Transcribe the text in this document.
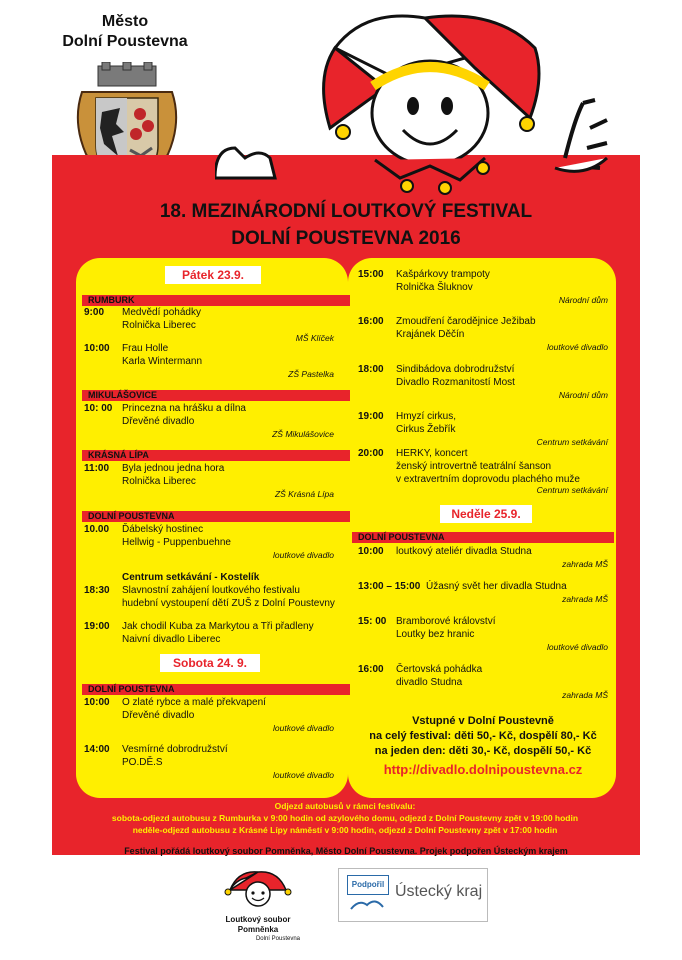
Město
Dolní Poustevna
18. MEZINÁRODNÍ LOUTKOVÝ FESTIVAL
DOLNÍ POUSTEVNA 2016
Pátek 23.9.
RUMBURK
9:00 Medvědí pohádky
Rolnička Liberec
MŠ Klíček
10:00 Frau Holle
Karla Wintermann
ZŠ Pastelka
MIKULÁŠOVICE
10: 00 Princezna na hrášku a dílna
Dřevěné divadlo
ZŠ Mikulášovice
KRÁSNÁ LÍPA
11:00 Byla jednou jedna hora
Rolnička Liberec
ZŠ Krásná Lípa
DOLNÍ POUSTEVNA
10.00 Ďábelský hostinec
Hellwig - Puppenbuehne
loutkové divadlo
Centrum setkávání - Kostelík
18:30 Slavnostní zahájení loutkového festivalu
hudební vystoupení dětí ZUŠ z Dolní Poustevny
19:00 Jak chodil Kuba za Markytou a Tři přadleny
Naivní divadlo Liberec
Sobota 24. 9.
DOLNÍ POUSTEVNA
10:00 O zlaté rybce a malé překvapení
Dřevěné divadlo
loutkové divadlo
14:00 Vesmírné dobrodružství
PO.DĚ.S
loutkové divadlo
15:00 Kašpárkovy trampoty
Rolnička Šluknov
Národní dům
16:00 Zmoudření čarodějnice Ježibab
Krajánek Děčín
loutkové divadlo
18:00 Sindibádova dobrodružství
Divadlo Rozmanitostí Most
Národní dům
19:00 Hmyzí cirkus,
Cirkus Žebřík
Centrum setkávání
20:00 HERKY, koncert
ženský introvertně teatrální šanson
v extravertním doprovodu plachého muže
Centrum setkávání
Neděle 25.9.
DOLNÍ POUSTEVNA
10:00 loutkový ateliér divadla Studna
zahrada MŠ
13:00 – 15:00 Úžasný svět her divadla Studna
zahrada MŠ
15: 00 Bramborové království
Loutky bez hranic
loutkové divadlo
16:00 Čertovská pohádka
divadlo Studna
zahrada MŠ
Vstupné v Dolní Poustevně
na celý festival: děti 50,- Kč, dospělí 80,- Kč
na jeden den: děti 30,- Kč, dospělí 50,- Kč
http://divadlo.dolnipoustevna.cz
Odjezd autobusů v rámci festivalu:
sobota-odjezd autobusu z Rumburka v 9:00 hodin od azylového domu, odjezd z Dolní Poustevny zpět v 19:00 hodin
neděle-odjezd autobusu z Krásné Lípy náměstí v 9:00 hodin, odjezd z Dolní Poustevny zpět v 17:00 hodin
Festival pořádá loutkový soubor Pomněnka, Město Dolní Poustevna. Projek podpořen Ústeckým krajem
Loutkový soubor Pomněnka
Dolní Poustevna
Podpořil Ústecký kraj
